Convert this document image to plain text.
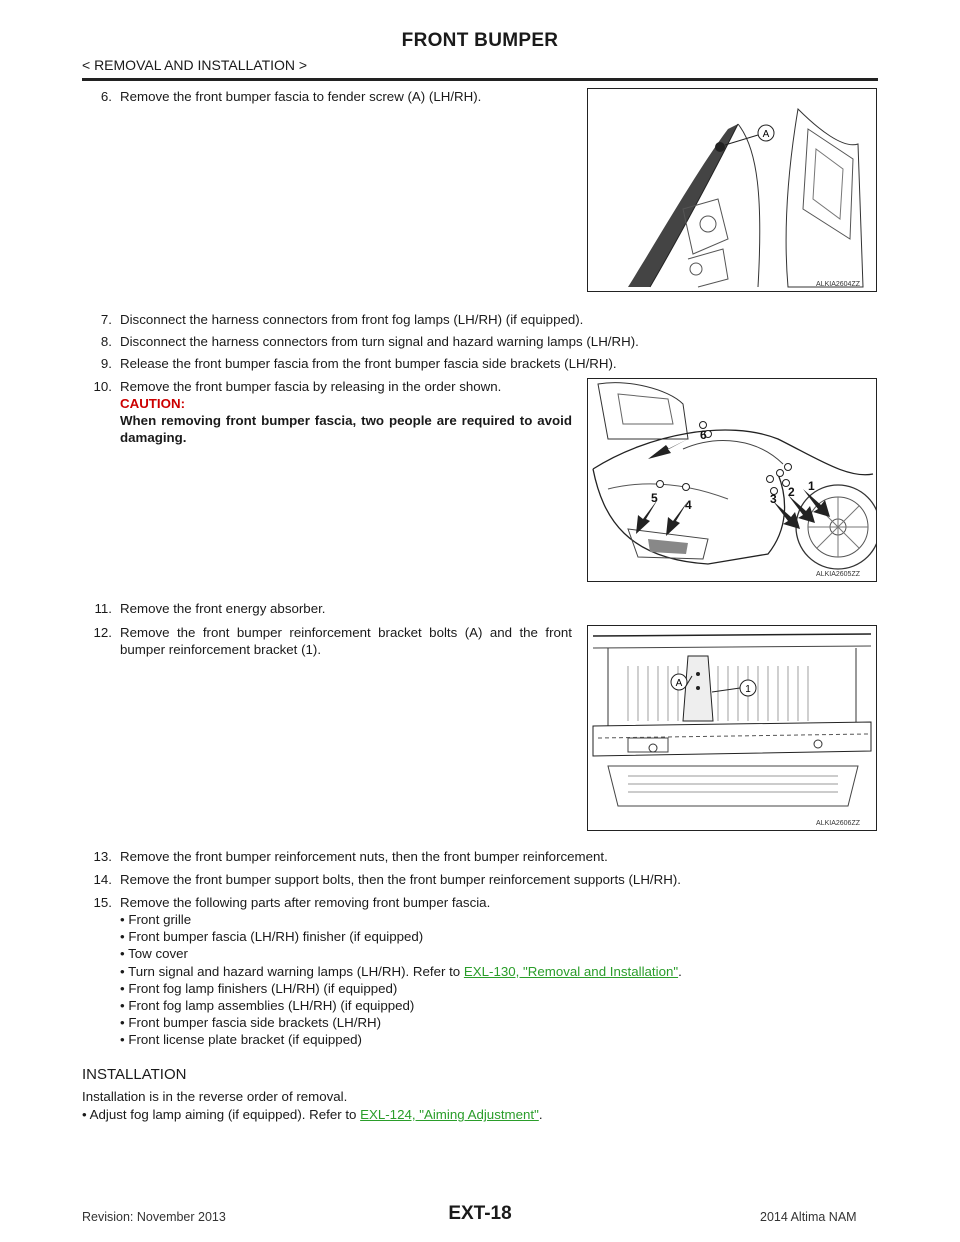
FRONT BUMPER
< REMOVAL AND INSTALLATION >
6. Remove the front bumper fascia to fender screw (A) (LH/RH).
A
ALKIA2604ZZ
7. Disconnect the harness connectors from front fog lamps (LH/RH) (if equipped).
8. Disconnect the harness connectors from turn signal and hazard warning lamps (LH/RH).
9. Release the front bumper fascia from the front bumper fascia side brackets (LH/RH).
10. Remove the front bumper fascia by releasing in the order shown.
CAUTION:
When removing front bumper fascia, two people are required to avoid damaging.
1
2
3
4
5
6
ALKIA2605ZZ
11. Remove the front energy absorber.
12. Remove the front bumper reinforcement bracket bolts (A) and the front bumper reinforcement bracket (1).
A
1
ALKIA2606ZZ
13. Remove the front bumper reinforcement nuts, then the front bumper reinforcement.
14. Remove the front bumper support bolts, then the front bumper reinforcement supports (LH/RH).
15. Remove the following parts after removing front bumper fascia.
• Front grille
• Front bumper fascia (LH/RH) finisher (if equipped)
• Tow cover
• Turn signal and hazard warning lamps (LH/RH). Refer to EXL-130, "Removal and Installation".
• Front fog lamp finishers (LH/RH) (if equipped)
• Front fog lamp assemblies (LH/RH) (if equipped)
• Front bumper fascia side brackets (LH/RH)
• Front license plate bracket (if equipped)
INSTALLATION
Installation is in the reverse order of removal.
• Adjust fog lamp aiming (if equipped). Refer to EXL-124, "Aiming Adjustment".
Revision: November 2013	EXT-18	2014 Altima NAM
